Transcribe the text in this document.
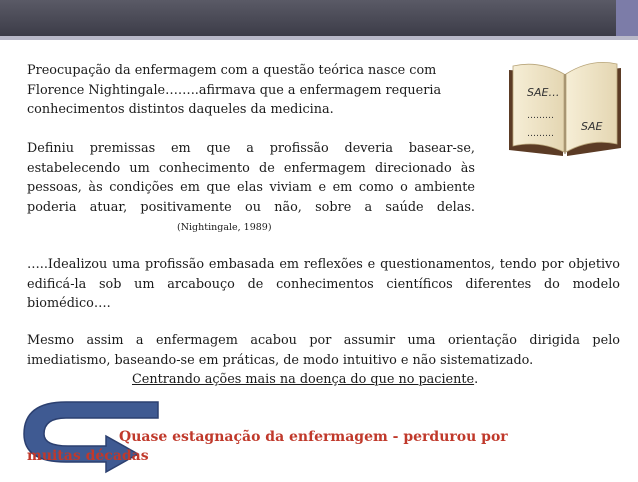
Preocupação da enfermagem com a questão teórica nasce com Florence Nightingale……..afirmava que a enfermagem requeria conhecimentos distintos daqueles da medicina.

Definiu premissas em que a profissão deveria basear-se, estabelecendo um conhecimento de enfermagem direcionado às pessoas, às condições em que elas viviam e em como o ambiente poderia atuar, positivamente ou não, sobre a saúde delas.(Nightingale, 1989)

SAE…
………
………
SAE

…..Idealizou uma profissão embasada em reflexões e questionamentos, tendo por objetivo edificá-la sob um arcabouço de conhecimentos científicos diferentes do modelo biomédico….

Mesmo assim a enfermagem acabou por assumir uma orientação dirigida pelo imediatismo, baseando-se em práticas, de modo intuitivo e não sistematizado.

Centrando ações mais na doença do que no paciente.

Quase estagnação da enfermagem - perdurou por
muitas décadas
